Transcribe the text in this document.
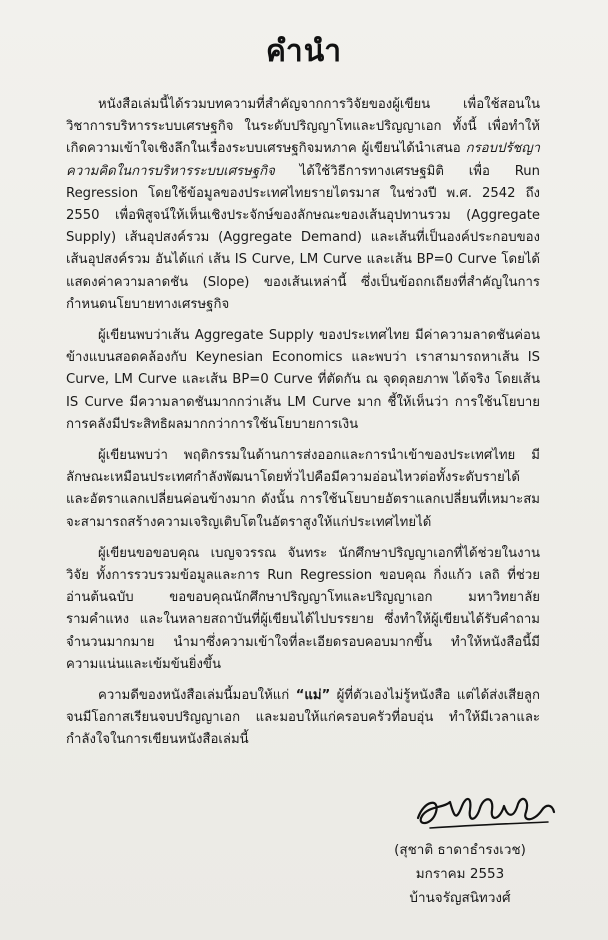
คำนำ

หนังสือเล่มนี้ได้รวมบทความที่สำคัญจากการวิจัยของผู้เขียน เพื่อใช้สอนในวิชาการบริหารระบบเศรษฐกิจ ในระดับปริญญาโทและปริญญาเอก ทั้งนี้ เพื่อทำให้เกิดความเข้าใจเชิงลึกในเรื่องระบบเศรษฐกิจมหภาค ผู้เขียนได้นำเสนอ กรอบปรัชญาความคิดในการบริหารระบบเศรษฐกิจ ได้ใช้วิธีการทางเศรษฐมิติ เพื่อ Run Regression โดยใช้ข้อมูลของประเทศไทยรายไตรมาส ในช่วงปี พ.ศ. 2542 ถึง 2550 เพื่อพิสูจน์ให้เห็นเชิงประจักษ์ของลักษณะของเส้นอุปทานรวม (Aggregate Supply) เส้นอุปสงค์รวม (Aggregate Demand) และเส้นที่เป็นองค์ประกอบของเส้นอุปสงค์รวม อันได้แก่ เส้น IS Curve, LM Curve และเส้น BP=0 Curve โดยได้แสดงค่าความลาดชัน (Slope) ของเส้นเหล่านี้ ซึ่งเป็นข้อถกเถียงที่สำคัญในการกำหนดนโยบายทางเศรษฐกิจ

ผู้เขียนพบว่าเส้น Aggregate Supply ของประเทศไทย มีค่าความลาดชันค่อนข้างแบนสอดคล้องกับ Keynesian Economics และพบว่า เราสามารถหาเส้น IS Curve, LM Curve และเส้น BP=0 Curve ที่ตัดกัน ณ จุดดุลยภาพ ได้จริง โดยเส้น IS Curve มีความลาดชันมากกว่าเส้น LM Curve มาก ชี้ให้เห็นว่า การใช้นโยบายการคลังมีประสิทธิผลมากกว่าการใช้นโยบายการเงิน

ผู้เขียนพบว่า พฤติกรรมในด้านการส่งออกและการนำเข้าของประเทศไทย มีลักษณะเหมือนประเทศกำลังพัฒนาโดยทั่วไปคือมีความอ่อนไหวต่อทั้งระดับรายได้และอัตราแลกเปลี่ยนค่อนข้างมาก ดังนั้น การใช้นโยบายอัตราแลกเปลี่ยนที่เหมาะสม จะสามารถสร้างความเจริญเติบโตในอัตราสูงให้แก่ประเทศไทยได้

ผู้เขียนขอขอบคุณ เบญจวรรณ จันทระ นักศึกษาปริญญาเอกที่ได้ช่วยในงานวิจัย ทั้งการรวบรวมข้อมูลและการ Run Regression ขอบคุณ กิ่งแก้ว เลถิ ที่ช่วยอ่านต้นฉบับ ขอขอบคุณนักศึกษาปริญญาโทและปริญญาเอก มหาวิทยาลัยรามคำแหง และในหลายสถาบันที่ผู้เขียนได้ไปบรรยาย ซึ่งทำให้ผู้เขียนได้รับคำถามจำนวนมากมาย นำมาซึ่งความเข้าใจที่ละเอียดรอบคอบมากขึ้น ทำให้หนังสือนี้มีความแน่นและเข้มข้นยิ่งขึ้น

ความดีของหนังสือเล่มนี้มอบให้แก่ “แม่” ผู้ที่ตัวเองไม่รู้หนังสือ แต่ได้ส่งเสียลูกจนมีโอกาสเรียนจบปริญญาเอก และมอบให้แก่ครอบครัวที่อบอุ่น ทำให้มีเวลาและกำลังใจในการเขียนหนังสือเล่มนี้

(สุชาติ ธาดาธำรงเวช)
มกราคม 2553
บ้านจรัญสนิทวงศ์
